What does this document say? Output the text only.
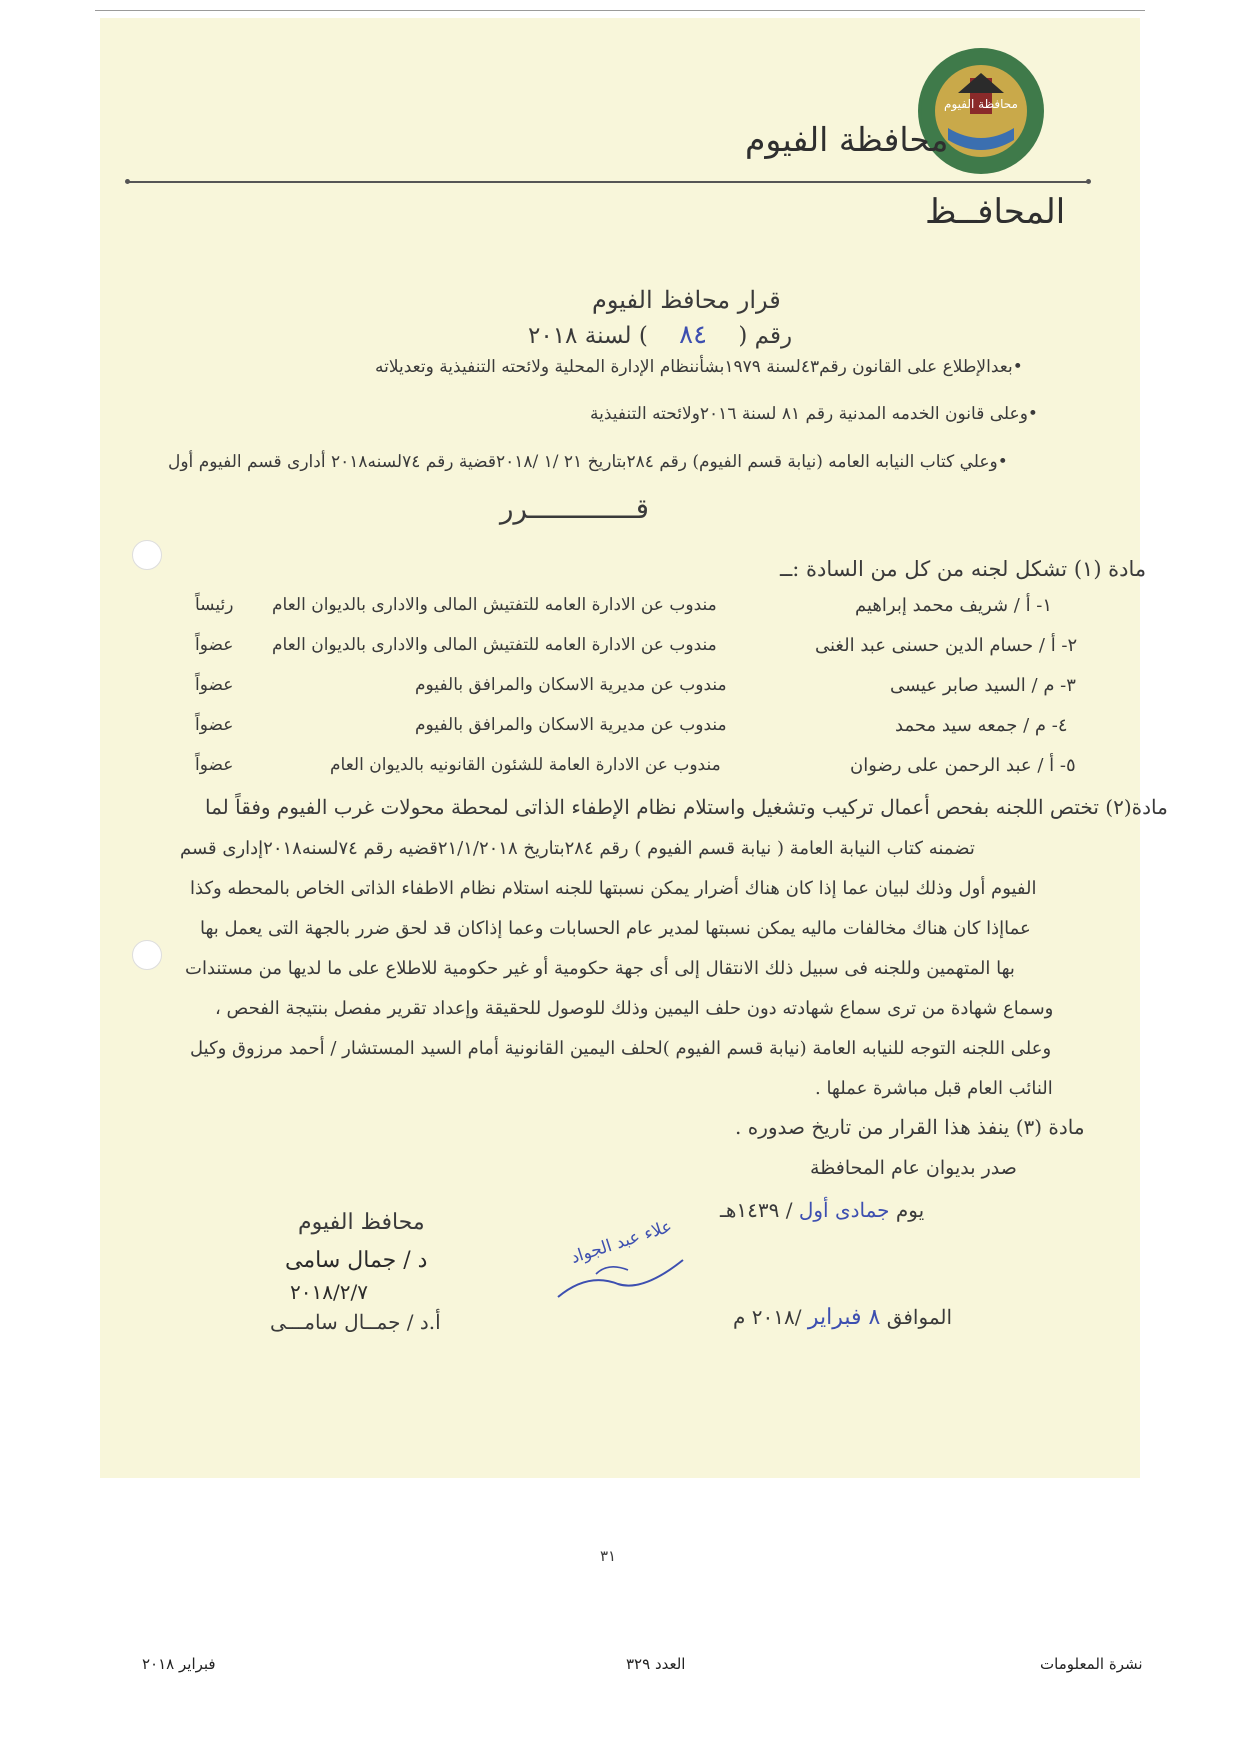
محافظة الفيوم
محافظة الفيوم
المحافــظ
قرار محافظ الفيوم
رقم ( ٨٤ ) لسنة ٢٠١٨
•بعدالإطلاع على القانون رقم٤٣لسنة ١٩٧٩بشأننظام الإدارة المحلية ولائحته التنفيذية وتعديلاته
•وعلى قانون الخدمه المدنية رقم ٨١ لسنة ٢٠١٦ولائحته التنفيذية
•وعلي كتاب النيابه العامه (نيابة قسم الفيوم) رقم ٢٨٤بتاريخ ٢١ /١ /٢٠١٨قضية رقم ٧٤لسنه٢٠١٨ أدارى قسم الفيوم أول
قـــــــــــــرر
مادة (١) تشكل لجنه من كل من السادة :ــ
١- أ / شريف محمد إبراهيم
مندوب عن الادارة العامه للتفتيش المالى والادارى بالديوان العام
رئيساً
٢- أ / حسام الدين حسنى عبد الغنى
مندوب عن الادارة العامه للتفتيش المالى والادارى بالديوان العام
عضواً
٣- م / السيد صابر عيسى
مندوب عن مديرية الاسكان والمرافق بالفيوم
عضواً
٤- م / جمعه سيد محمد
مندوب عن مديرية الاسكان والمرافق بالفيوم
عضواً
٥- أ / عبد الرحمن على رضوان
مندوب عن الادارة العامة للشئون القانونيه بالديوان العام
عضواً
مادة(٢) تختص اللجنه بفحص أعمال تركيب وتشغيل واستلام نظام الإطفاء الذاتى لمحطة محولات غرب الفيوم وفقاً لما
تضمنه كتاب النيابة العامة ( نيابة قسم الفيوم ) رقم ٢٨٤بتاريخ ٢١/١/٢٠١٨قضيه رقم ٧٤لسنه٢٠١٨إدارى قسم
الفيوم أول وذلك لبيان عما إذا كان هناك أضرار يمكن نسبتها للجنه استلام نظام الاطفاء الذاتى الخاص بالمحطه وكذا
عماإذا كان هناك مخالفات ماليه يمكن نسبتها لمدير عام الحسابات وعما إذاكان قد لحق ضرر بالجهة التى يعمل بها
بها المتهمين وللجنه فى سبيل ذلك الانتقال إلى أى جهة حكومية أو غير حكومية للاطلاع على ما لديها من مستندات
وسماع شهادة من ترى سماع شهادته دون حلف اليمين وذلك للوصول للحقيقة وإعداد تقرير مفصل بنتيجة الفحص ،
وعلى اللجنه التوجه للنيابه العامة (نيابة قسم الفيوم )لحلف اليمين القانونية أمام السيد المستشار / أحمد مرزوق وكيل
النائب العام قبل مباشرة عملها .
مادة (٣) ينفذ هذا القرار من تاريخ صدوره .
صدر بديوان عام المحافظة
يوم جمادى أول / ١٤٣٩هـ
الموافق ٨ فبراير /٢٠١٨ م
محافظ الفيوم
د / جمال سامى
٢٠١٨/٢/٧
أ.د / جمــال سامـــى
علاء عبد الجواد
٣١
نشرة المعلومات
العدد ٣٢٩
فبراير ٢٠١٨
